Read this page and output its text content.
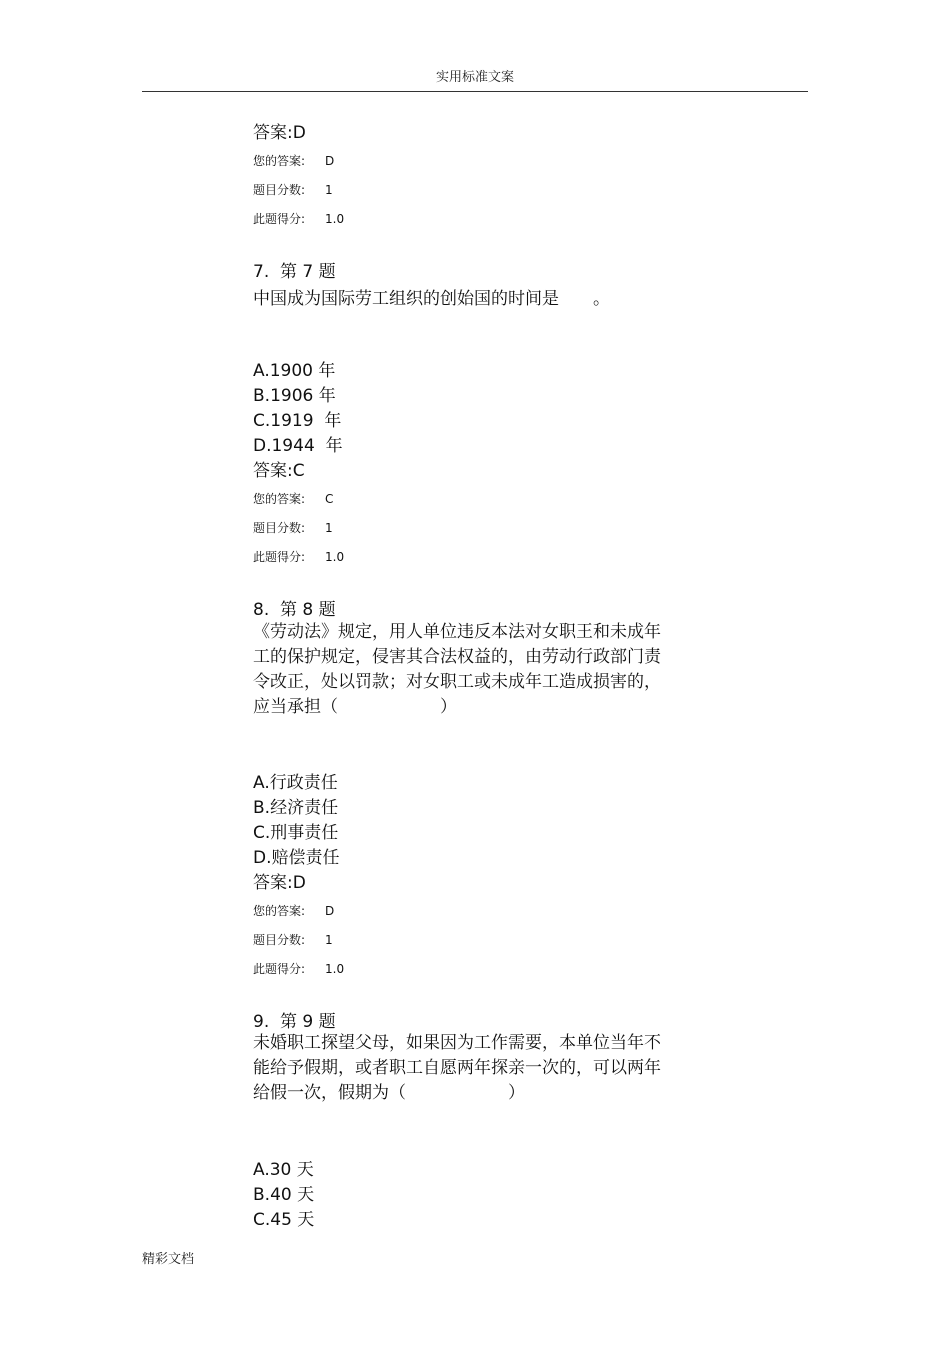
实用标准文案
答案:D
您的答案: D
题目分数: 1
此题得分: 1.0
7.  第 7 题
中国成为国际劳工组织的创始国的时间是　　。
A.1900 年
B.1906 年
C.1919  年
D.1944  年
答案:C
您的答案: C
题目分数: 1
此题得分: 1.0
8.  第 8 题
《劳动法》规定，用人单位违反本法对女职王和未成年工的保护规定，侵害其合法权益的，由劳动行政部门责令改正，处以罚款；对女职工或未成年工造成损害的，应当承担（　　　　　　）
A.行政责任
B.经济责任
C.刑事责任
D.赔偿责任
答案:D
您的答案: D
题目分数: 1
此题得分: 1.0
9.  第 9 题
未婚职工探望父母，如果因为工作需要，本单位当年不能给予假期，或者职工自愿两年探亲一次的，可以两年给假一次，假期为（　　　　　　）
A.30 天
B.40 天
C.45 天
精彩文档
